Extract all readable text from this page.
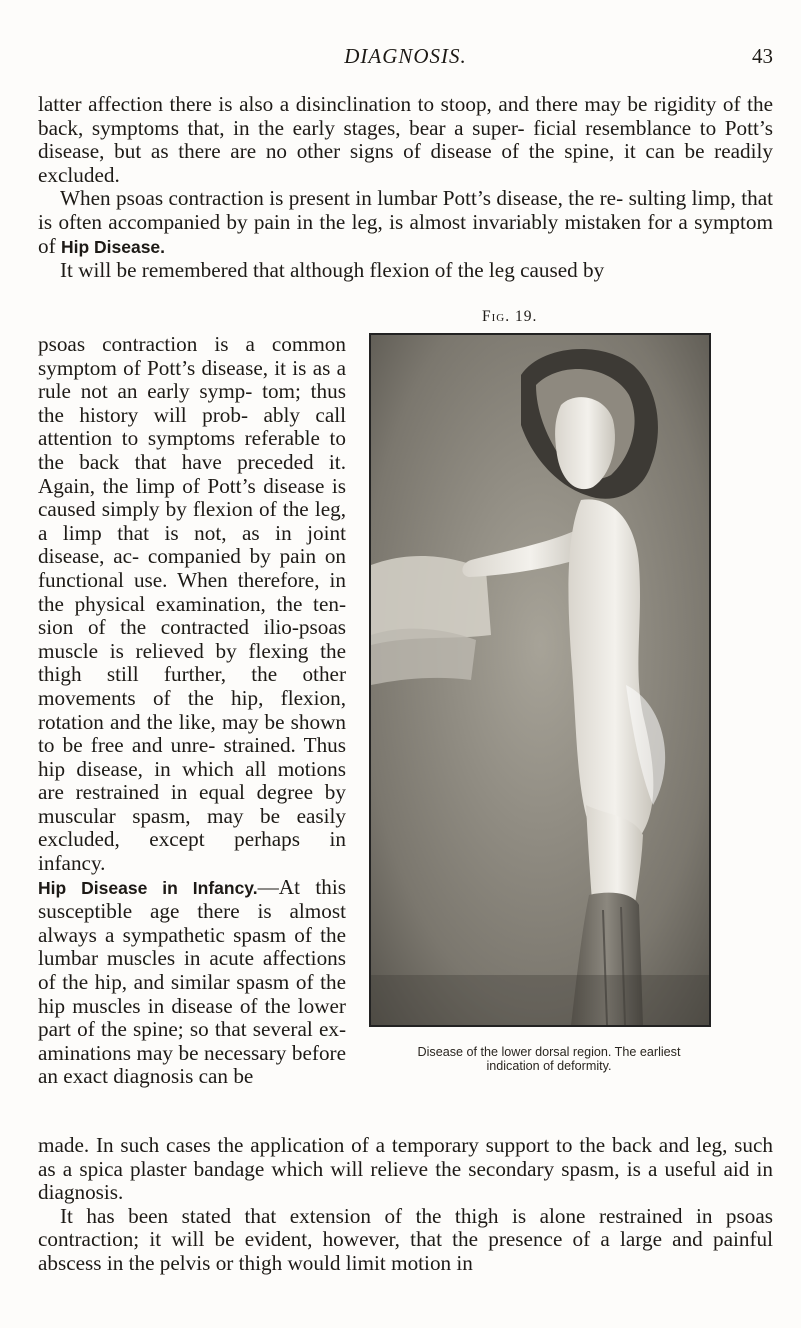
DIAGNOSIS.	43

latter affection there is also a disinclination to stoop, and there may be rigidity of the back, symptoms that, in the early stages, bear a super- ficial resemblance to Pott’s disease, but as there are no other signs of disease of the spine, it can be readily excluded.

When psoas contraction is present in lumbar Pott’s disease, the re- sulting limp, that is often accompanied by pain in the leg, is almost invariably mistaken for a symptom of Hip Disease.

It will be remembered that although flexion of the leg caused by

psoas contraction is a common symptom of Pott’s disease, it is as a rule not an early symp- tom; thus the history will prob- ably call attention to symptoms referable to the back that have preceded it. Again, the limp of Pott’s disease is caused simply by flexion of the leg, a limp that is not, as in joint disease, ac- companied by pain on functional use. When therefore, in the physical examination, the ten- sion of the contracted ilio-psoas muscle is relieved by flexing the thigh still further, the other movements of the hip, flexion, rotation and the like, may be shown to be free and unre- strained. Thus hip disease, in which all motions are restrained in equal degree by muscular spasm, may be easily excluded, except perhaps in infancy.

Hip Disease in Infancy.—At this susceptible age there is almost always a sympathetic spasm of the lumbar muscles in acute affections of the hip, and similar spasm of the hip muscles in disease of the lower part of the spine; so that several ex- aminations may be necessary before an exact diagnosis can be

Fig. 19.
Disease of the lower dorsal region. The earliest
indication of deformity.

made. In such cases the application of a temporary support to the back and leg, such as a spica plaster bandage which will relieve the secondary spasm, is a useful aid in diagnosis.

It has been stated that extension of the thigh is alone restrained in psoas contraction; it will be evident, however, that the presence of a large and painful abscess in the pelvis or thigh would limit motion in
